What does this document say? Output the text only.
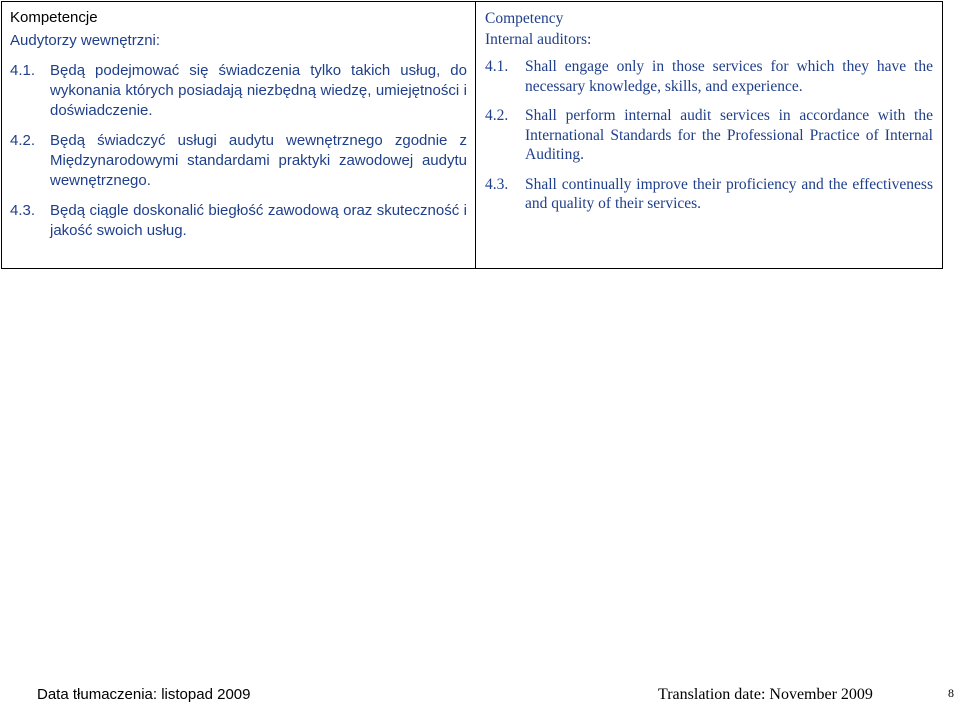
Kompetencje

Audytorzy wewnętrzni:

4.1. Będą podejmować się świadczenia tylko takich usług, do wykonania których posiadają niezbędną wiedzę, umiejętności i doświadczenie.
4.2. Będą świadczyć usługi audytu wewnętrznego zgodnie z Międzynarodowymi standardami praktyki zawodowej audytu wewnętrznego.
4.3. Będą ciągle doskonalić biegłość zawodową oraz skuteczność i jakość swoich usług.

Competency

Internal auditors:

4.1.	Shall engage only in those services for which they have the necessary knowledge, skills, and experience.
4.2.	Shall perform internal audit services in accordance with the International Standards for the Professional Practice of Internal Auditing.
4.3.	Shall continually improve their proficiency and the effectiveness and quality of their services.
Data tłumaczenia: listopad 2009	Translation date: November 2009	8
